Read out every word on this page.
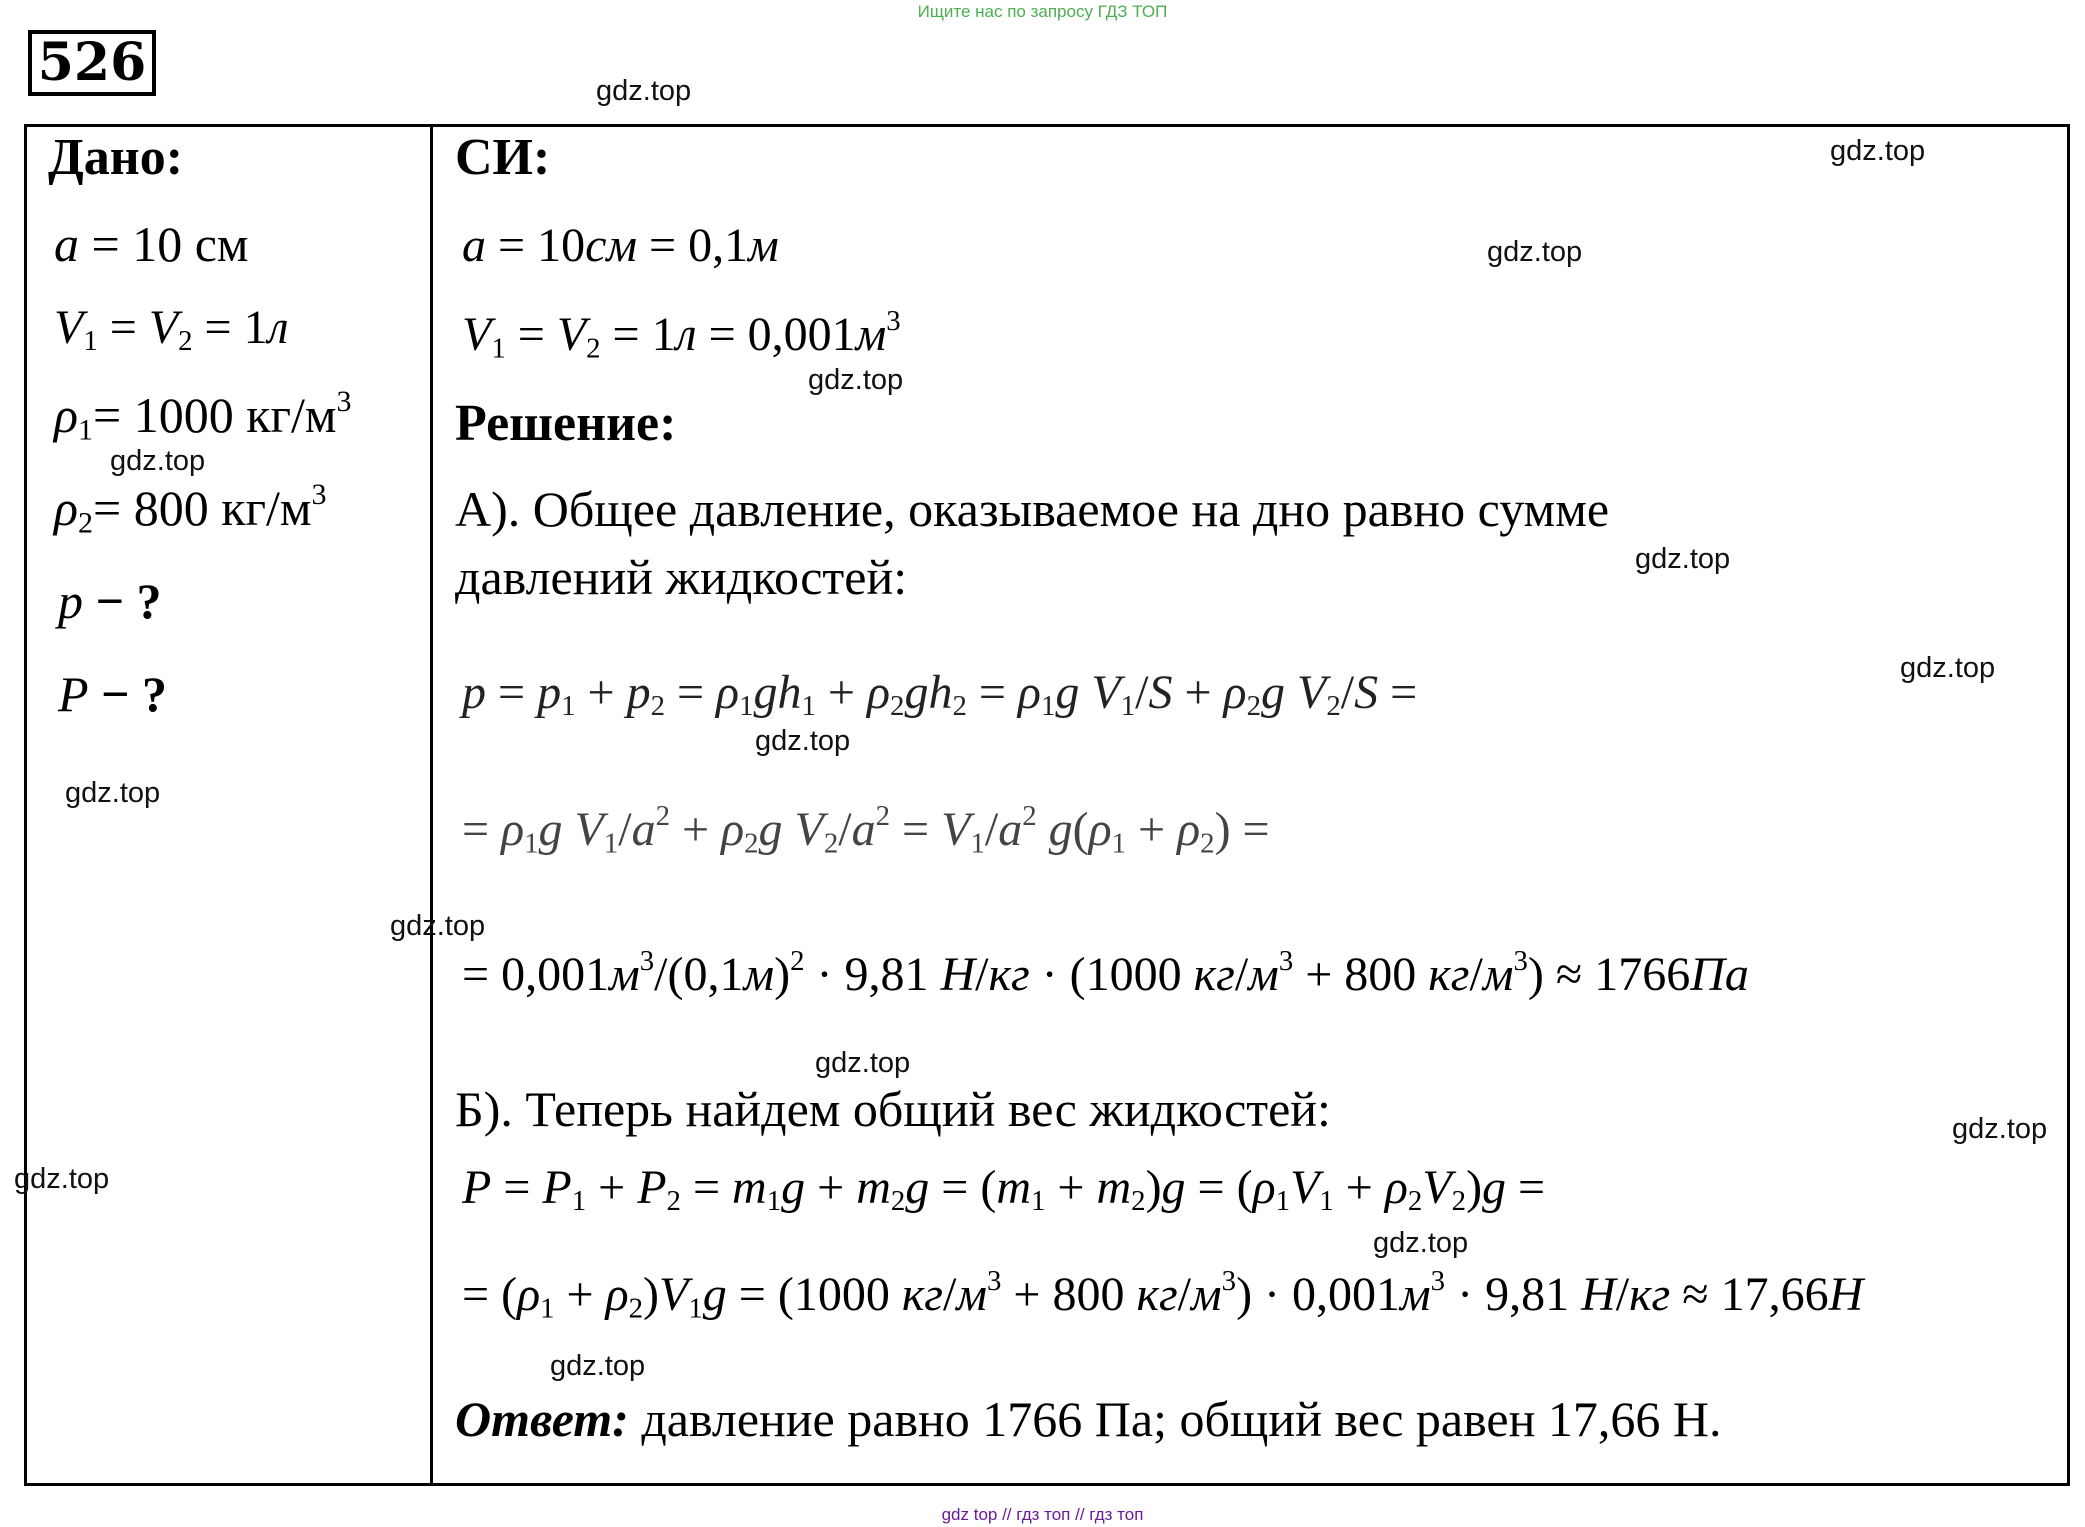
Ищите нас по запросу ГДЗ ТОП
526
Дано:
a = 10 см
$V_1 = V_2 = 1л$
$\rho_1= 1000$ $кг/м^3$
$\rho_2= 800$ $кг/м^3$
p − ?
P − ?
СИ:
a = 10см = 0,1м
$V_1 = V_2 = 1л = 0,001м^3$
Решение:
А). Общее давление, оказываемое на дно равно сумме
давлений жидкостей:
$p = p_1 + p_2 = \rho_1gh_1 + \rho_2gh_2 = \rho_1g$ $V_1/S + \rho_2g$ $V_2/S$ =
= $\rho_1g$ $V_1/a^2 + \rho_2g$ $V_2/a^2 = V_1/a^2$ $g(\rho_1 + \rho_2)$ =
= $0,001м^3/(0,1м)^2 \cdot 9,81$ Н/кг · (1000 $кг/м^3 + 800$ $кг/м^3) \approx 1766Па$
Б). Теперь найдем общий вес жидкостей:
$P = P_1 + P_2 = m_1g + m_2g = (m_1 + m_2)g = (\rho_1V_1 + \rho_2V_2)g$ =
= $(\rho_1 + \rho_2)V_1g = (1000$ $кг/м^3 + 800$ $кг/м^3) \cdot 0,001м^3 \cdot 9,81$ Н/кг ≈ 17,66Н
Ответ: давление равно 1766 Па; общий вес равен 17,66 Н.
gdz.top
gdz.top
gdz.top
gdz.top
gdz.top
gdz.top
gdz.top
gdz.top
gdz.top
gdz.top
gdz.top
gdz.top
gdz.top
gdz.top
gdz.top
gdz top // гдз топ // гдз топ
